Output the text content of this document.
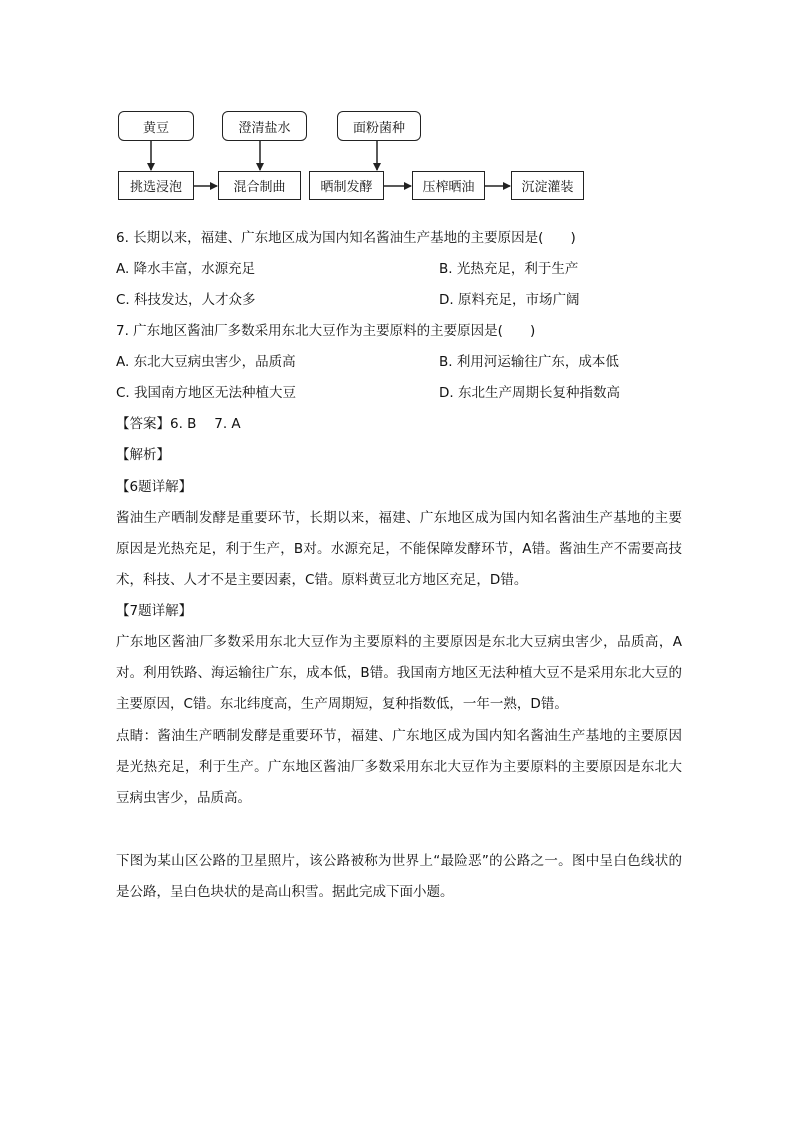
黄豆	澄清盐水	面粉菌种
挑选浸泡	混合制曲	晒制发酵	压榨晒油	沉淀灌装
6. 长期以来，福建、广东地区成为国内知名酱油生产基地的主要原因是(　　)
A. 降水丰富，水源充足	B. 光热充足，利于生产
C. 科技发达，人才众多	D. 原料充足，市场广阔
7. 广东地区酱油厂多数采用东北大豆作为主要原料的主要原因是(　　)
A. 东北大豆病虫害少，品质高	B. 利用河运输往广东，成本低
C. 我国南方地区无法种植大豆	D. 东北生产周期长复种指数高
【答案】6. B　 7. A
【解析】
【6题详解】
酱油生产晒制发酵是重要环节，长期以来，福建、广东地区成为国内知名酱油生产基地的主要原因是光热充足，利于生产，B对。水源充足，不能保障发酵环节，A错。酱油生产不需要高技术，科技、人才不是主要因素，C错。原料黄豆北方地区充足，D错。
【7题详解】
广东地区酱油厂多数采用东北大豆作为主要原料的主要原因是东北大豆病虫害少，品质高，A对。利用铁路、海运输往广东，成本低，B错。我国南方地区无法种植大豆不是采用东北大豆的主要原因，C错。东北纬度高，生产周期短，复种指数低，一年一熟，D错。
点睛：酱油生产晒制发酵是重要环节，福建、广东地区成为国内知名酱油生产基地的主要原因是光热充足，利于生产。广东地区酱油厂多数采用东北大豆作为主要原料的主要原因是东北大豆病虫害少，品质高。
下图为某山区公路的卫星照片，该公路被称为世界上“最险恶”的公路之一。图中呈白色线状的是公路，呈白色块状的是高山积雪。据此完成下面小题。
